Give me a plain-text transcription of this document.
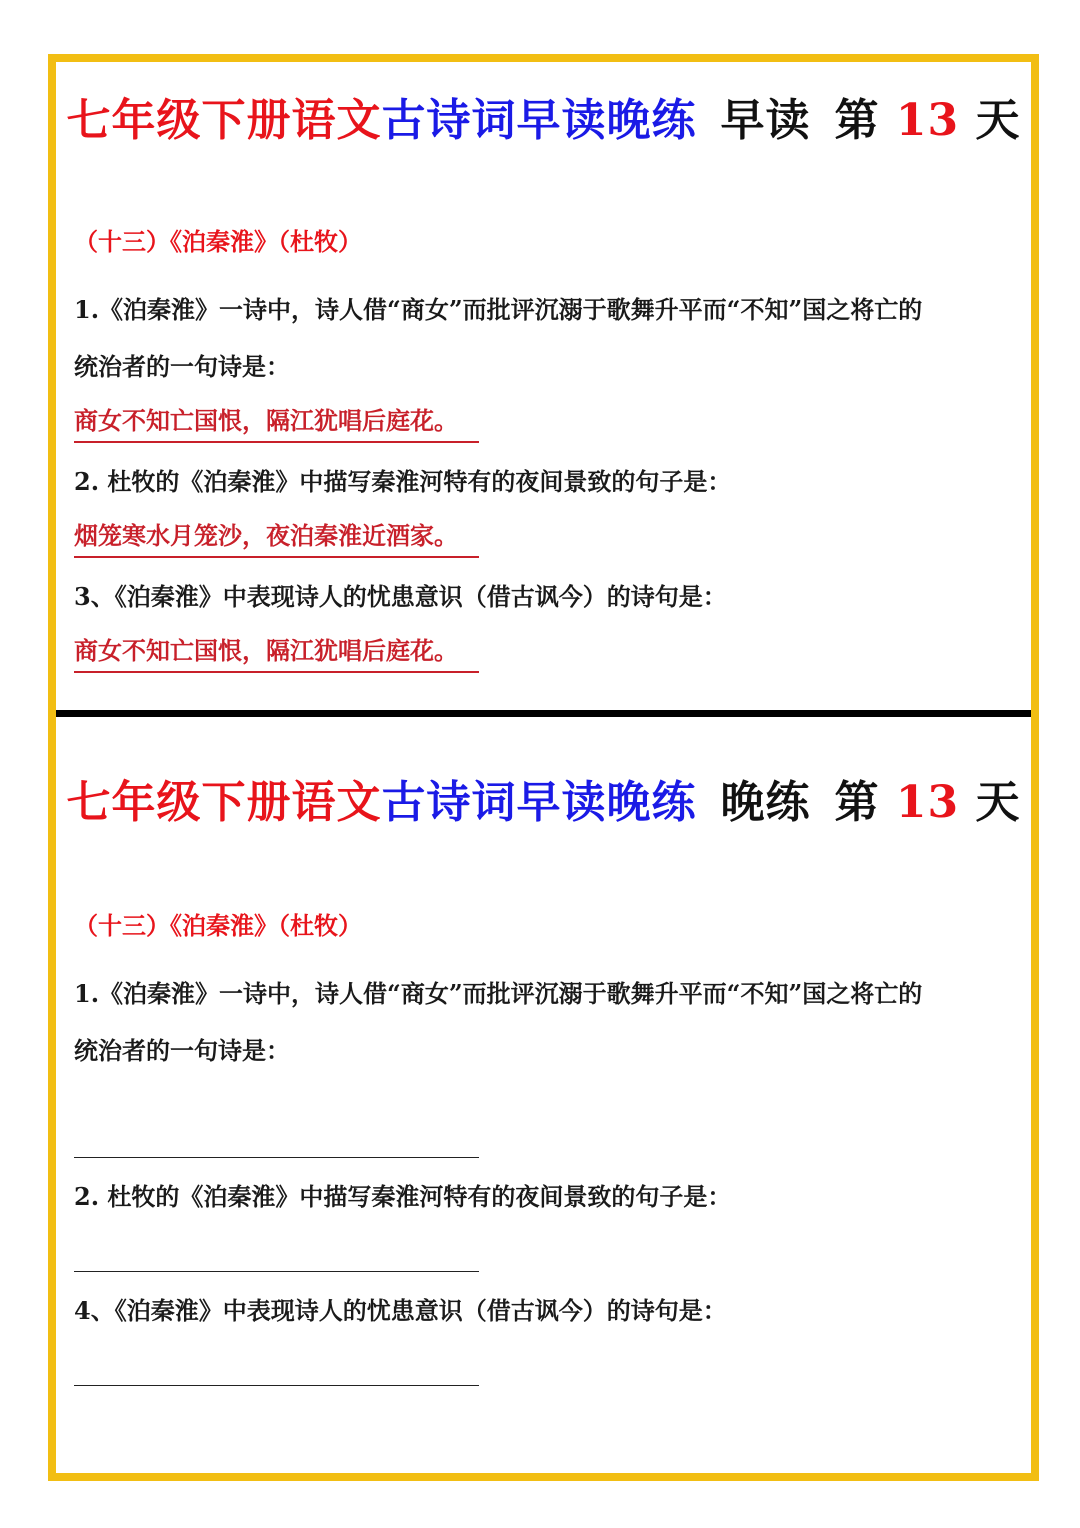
七年级下册语文古诗词早读晚练 早读 第 13 天
（十三）《泊秦淮》（杜牧）
1.《泊秦淮》一诗中，诗人借“商女”而批评沉溺于歌舞升平而“不知”国之将亡的
统治者的一句诗是：
商女不知亡国恨，隔江犹唱后庭花。
2. 杜牧的《泊秦淮》中描写秦淮河特有的夜间景致的句子是：
烟笼寒水月笼沙，夜泊秦淮近酒家。
3、《泊秦淮》中表现诗人的忧患意识（借古讽今）的诗句是：
商女不知亡国恨，隔江犹唱后庭花。
七年级下册语文古诗词早读晚练 晚练 第 13 天
（十三）《泊秦淮》（杜牧）
1.《泊秦淮》一诗中，诗人借“商女”而批评沉溺于歌舞升平而“不知”国之将亡的
统治者的一句诗是：
2. 杜牧的《泊秦淮》中描写秦淮河特有的夜间景致的句子是：
4、《泊秦淮》中表现诗人的忧患意识（借古讽今）的诗句是：
